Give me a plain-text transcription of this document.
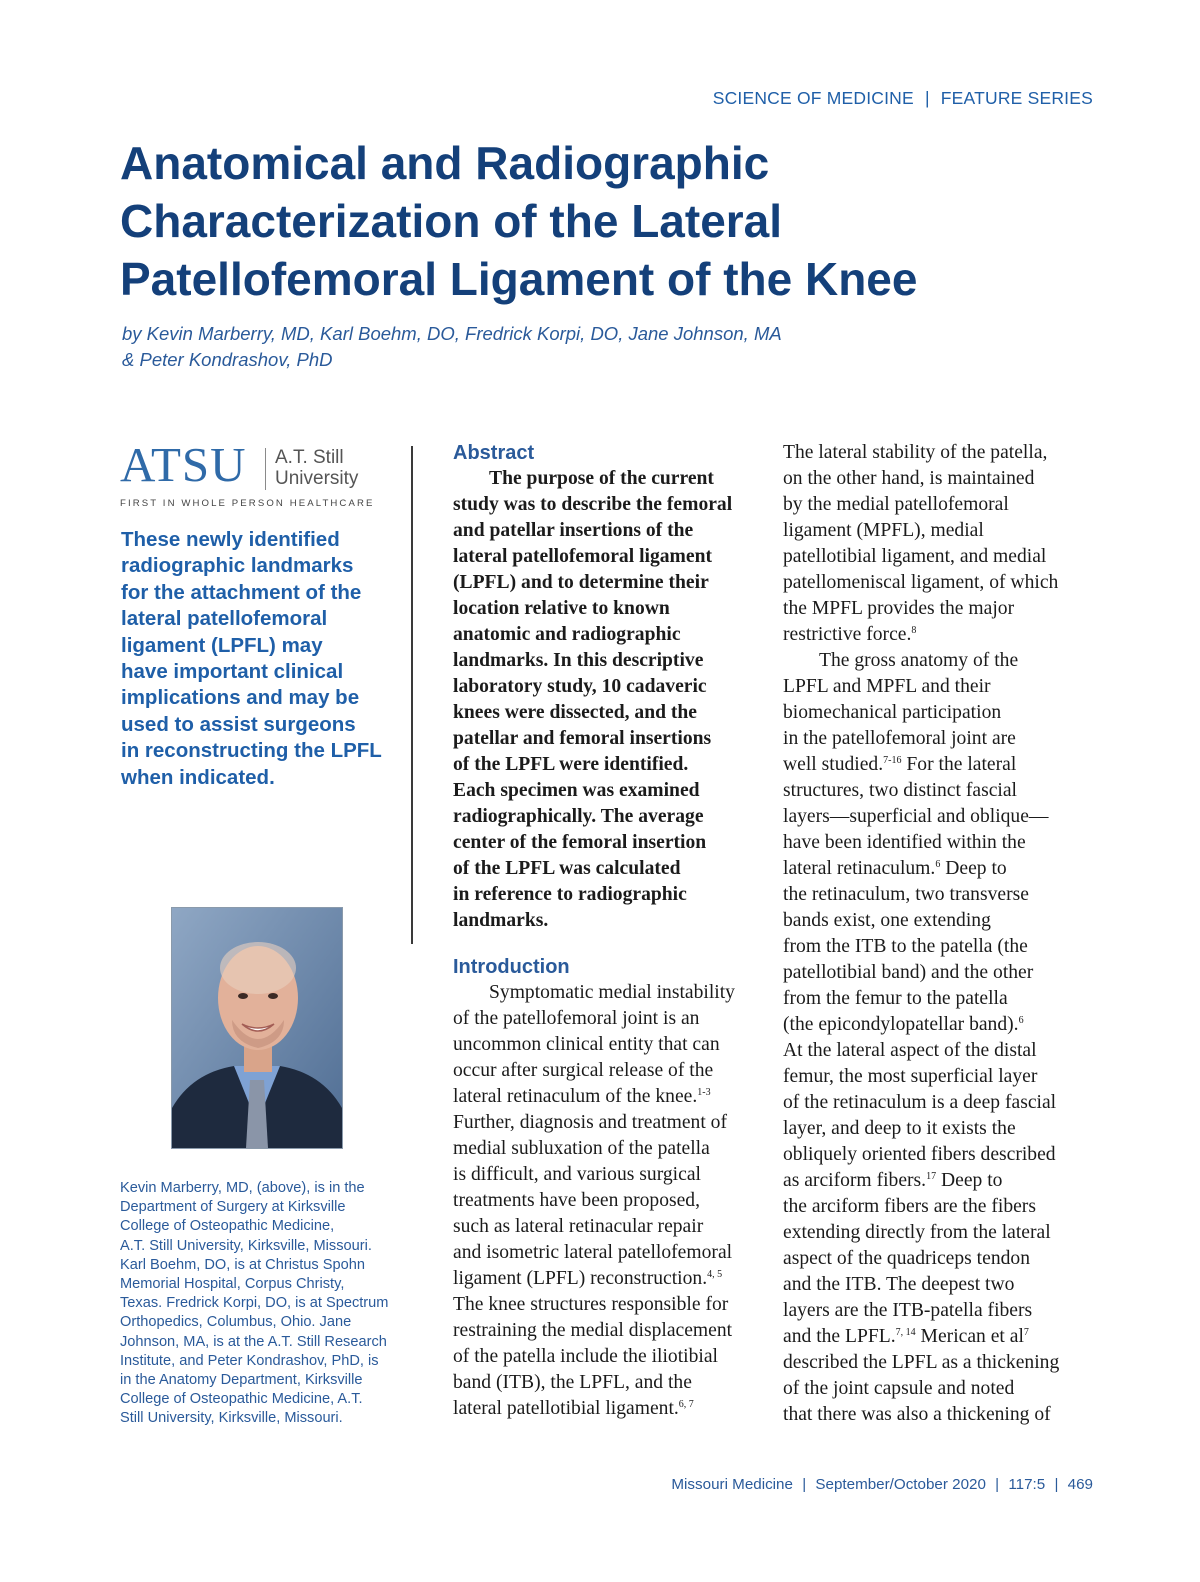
SCIENCE OF MEDICINE | FEATURE SERIES
Anatomical and Radiographic
Characterization of the Lateral
Patellofemoral Ligament of the Knee
by Kevin Marberry, MD, Karl Boehm, DO, Fredrick Korpi, DO, Jane Johnson, MA
& Peter Kondrashov, PhD
ATSU A.T. Still
University
FIRST IN WHOLE PERSON HEALTHCARE
These newly identified
radiographic landmarks
for the attachment of the
lateral patellofemoral
ligament (LPFL) may
have important clinical
implications and may be
used to assist surgeons
in reconstructing the LPFL
when indicated.
Kevin Marberry, MD, (above), is in the
Department of Surgery at Kirksville
College of Osteopathic Medicine,
A.T. Still University, Kirksville, Missouri.
Karl Boehm, DO, is at Christus Spohn
Memorial Hospital, Corpus Christy,
Texas. Fredrick Korpi, DO, is at Spectrum
Orthopedics, Columbus, Ohio. Jane
Johnson, MA, is at the A.T. Still Research
Institute, and Peter Kondrashov, PhD, is
in the Anatomy Department, Kirksville
College of Osteopathic Medicine, A.T.
Still University, Kirksville, Missouri.
Abstract
The purpose of the current
study was to describe the femoral
and patellar insertions of the
lateral patellofemoral ligament
(LPFL) and to determine their
location relative to known
anatomic and radiographic
landmarks. In this descriptive
laboratory study, 10 cadaveric
knees were dissected, and the
patellar and femoral insertions
of the LPFL were identified.
Each specimen was examined
radiographically. The average
center of the femoral insertion
of the LPFL was calculated
in reference to radiographic
landmarks.
Introduction
Symptomatic medial instability
of the patellofemoral joint is an
uncommon clinical entity that can
occur after surgical release of the
lateral retinaculum of the knee.$^{1-3}$
Further, diagnosis and treatment of
medial subluxation of the patella
is difficult, and various surgical
treatments have been proposed,
such as lateral retinacular repair
and isometric lateral patellofemoral
ligament (LPFL) reconstruction.$^{4, 5}$
The knee structures responsible for
restraining the medial displacement
of the patella include the iliotibial
band (ITB), the LPFL, and the
lateral patellotibial ligament.$^{6, 7}$
The lateral stability of the patella,
on the other hand, is maintained
by the medial patellofemoral
ligament (MPFL), medial
patellotibial ligament, and medial
patellomeniscal ligament, of which
the MPFL provides the major
restrictive force.$^8$
The gross anatomy of the
LPFL and MPFL and their
biomechanical participation
in the patellofemoral joint are
well studied.$^{7-16}$ For the lateral
structures, two distinct fascial
layers—superficial and oblique—
have been identified within the
lateral retinaculum.$^6$ Deep to
the retinaculum, two transverse
bands exist, one extending
from the ITB to the patella (the
patellotibial band) and the other
from the femur to the patella
(the epicondylopatellar band).$^6$
At the lateral aspect of the distal
femur, the most superficial layer
of the retinaculum is a deep fascial
layer, and deep to it exists the
obliquely oriented fibers described
as arciform fibers.$^{17}$ Deep to
the arciform fibers are the fibers
extending directly from the lateral
aspect of the quadriceps tendon
and the ITB. The deepest two
layers are the ITB-patella fibers
and the LPFL.$^{7, 14}$ Merican et $al^7$
described the LPFL as a thickening
of the joint capsule and noted
that there was also a thickening of
Missouri Medicine | September/October 2020 | 117:5 | 469
